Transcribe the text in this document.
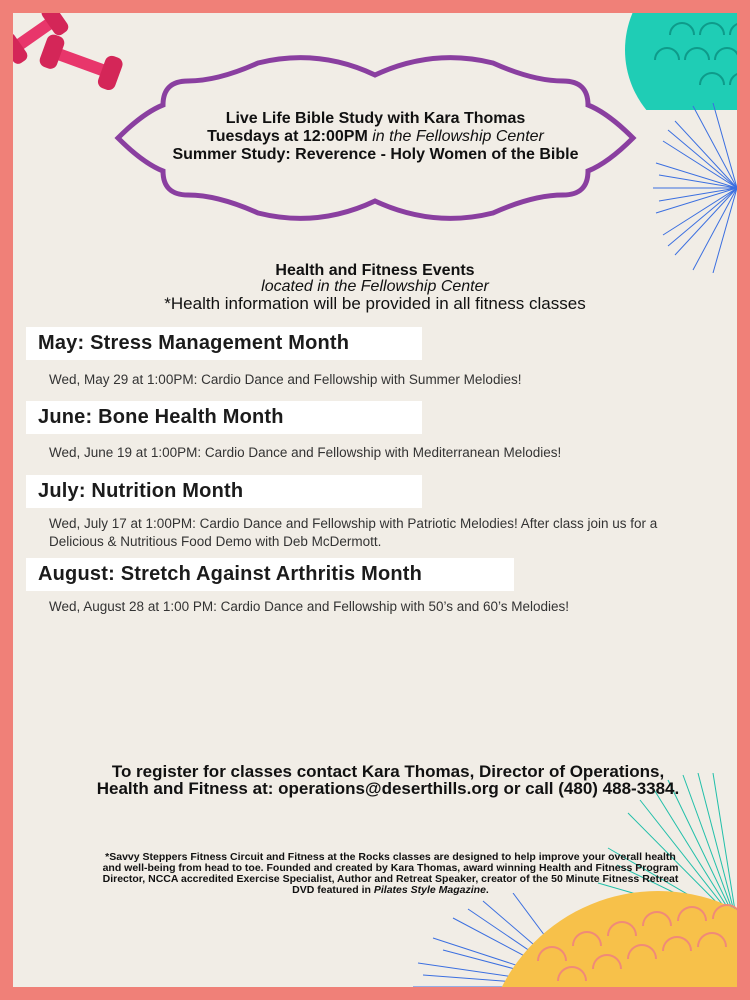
Live Life Bible Study with Kara Thomas
Tuesdays at 12:00PM in the Fellowship Center
Summer Study: Reverence - Holy Women of the Bible
Health and Fitness Events
located in the Fellowship Center
*Health information will be provided in all fitness classes
May: Stress Management Month
Wed, May 29 at 1:00PM: Cardio Dance and Fellowship with Summer Melodies!
June: Bone Health Month
Wed, June 19 at 1:00PM: Cardio Dance and Fellowship with Mediterranean Melodies!
July: Nutrition Month
Wed, July 17 at 1:00PM: Cardio Dance and Fellowship with Patriotic Melodies! After class join us for a Delicious & Nutritious Food Demo with Deb McDermott.
August: Stretch Against Arthritis Month
Wed, August 28 at 1:00 PM: Cardio Dance and Fellowship with 50’s and 60’s Melodies!
To register for classes contact Kara Thomas, Director of Operations, Health and Fitness at: operations@deserthills.org or call (480) 488-3384.
*Savvy Steppers Fitness Circuit and Fitness at the Rocks classes are designed to help improve your overall health and well-being from head to toe. Founded and created by Kara Thomas, award winning Health and Fitness Program Director, NCCA accredited Exercise Specialist, Author and Retreat Speaker, creator of the 50 Minute Fitness Retreat DVD featured in Pilates Style Magazine.
